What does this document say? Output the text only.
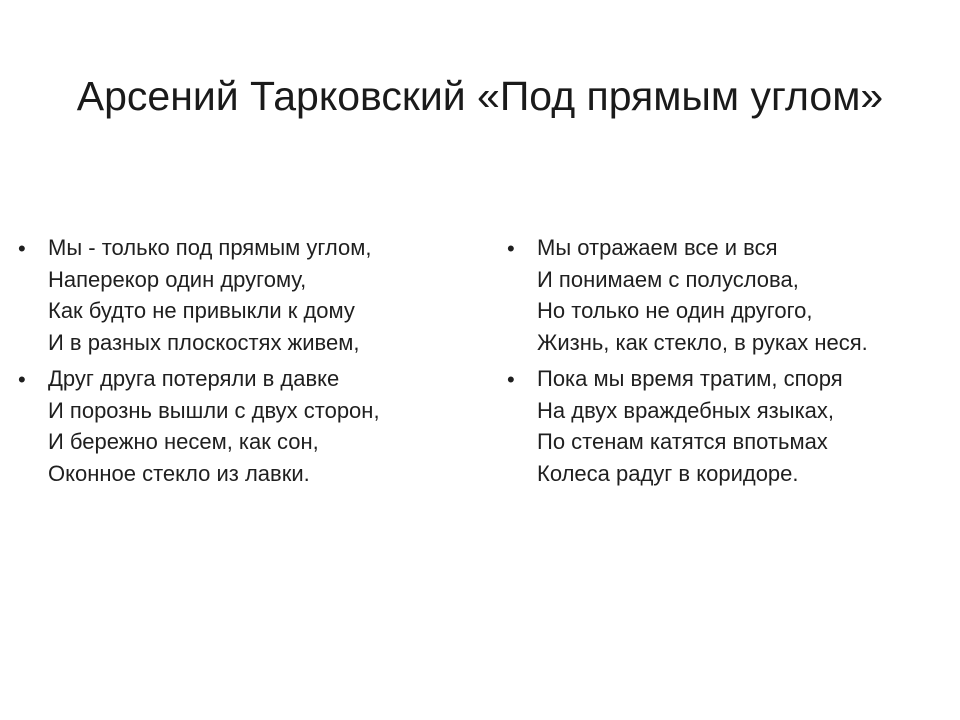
Арсений Тарковский «Под прямым углом»
• Мы - только под прямым углом,
Наперекор один другому,
Как будто не привыкли к дому
И в разных плоскостях живем,
• Друг друга потеряли в давке
И порознь вышли с двух сторон,
И бережно несем, как сон,
Оконное стекло из лавки.
• Мы отражаем все и вся
И понимаем с полуслова,
Но только не один другого,
Жизнь, как стекло, в руках неся.
• Пока мы время тратим, споря
На двух враждебных языках,
По стенам катятся впотьмах
Колеса радуг в коридоре.
